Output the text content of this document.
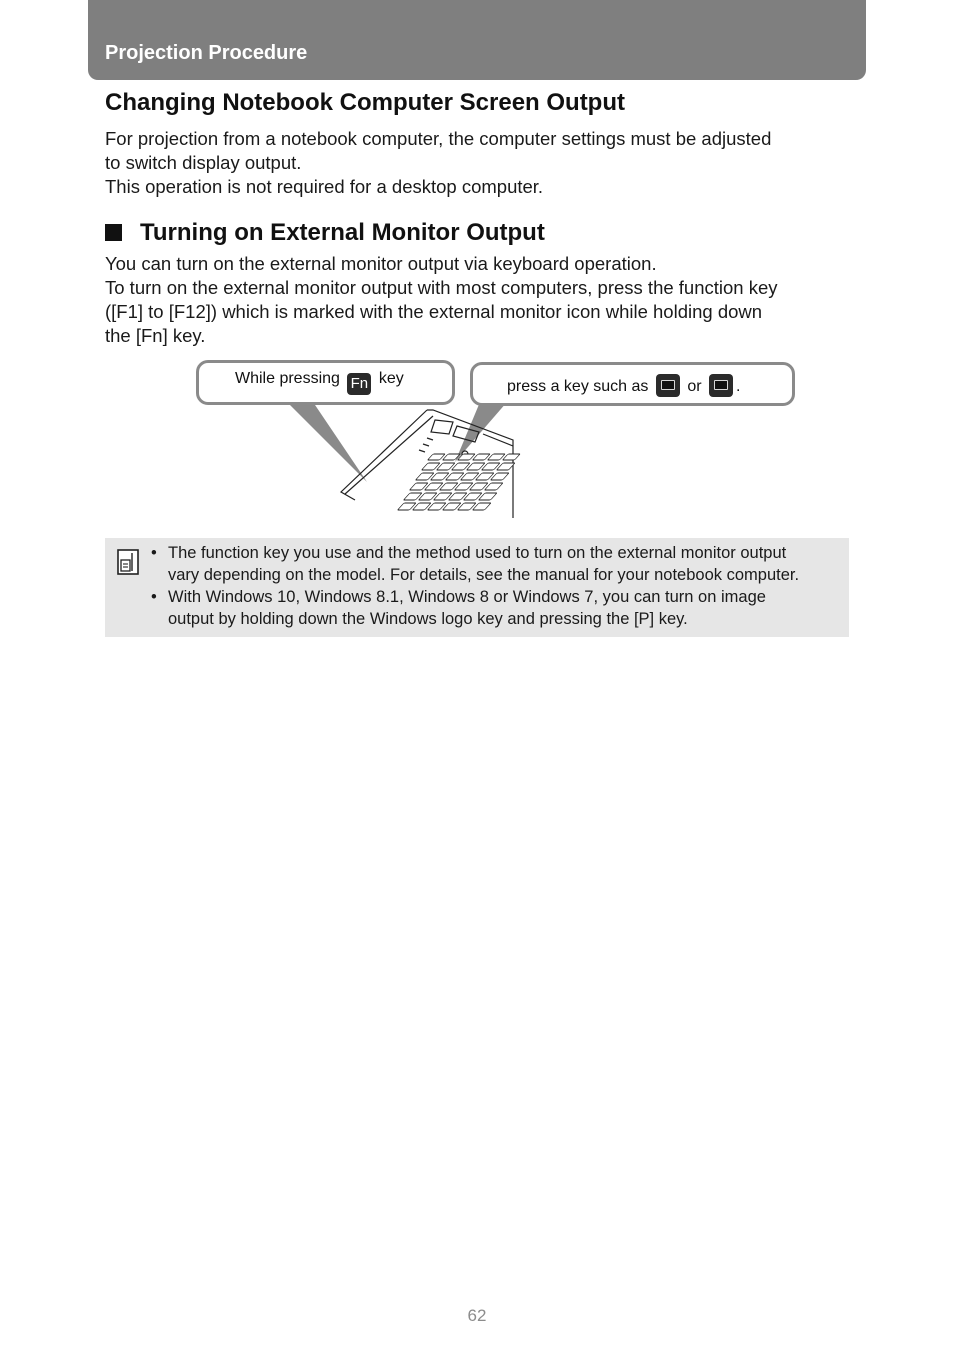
Projection Procedure
Changing Notebook Computer Screen Output

For projection from a notebook computer, the computer settings must be adjusted
to switch display output.
This operation is not required for a desktop computer.

Turning on External Monitor Output

You can turn on the external monitor output via keyboard operation.
To turn on the external monitor output with most computers, press the function key
([F1] to [F12]) which is marked with the external monitor icon while holding down
the [Fn] key.

While pressing Fn key	press a key such as or .
• The function key you use and the method used to turn on the external monitor output
vary depending on the model. For details, see the manual for your notebook computer.
• With Windows 10, Windows 8.1, Windows 8 or Windows 7, you can turn on image
output by holding down the Windows logo key and pressing the [P] key.
62
